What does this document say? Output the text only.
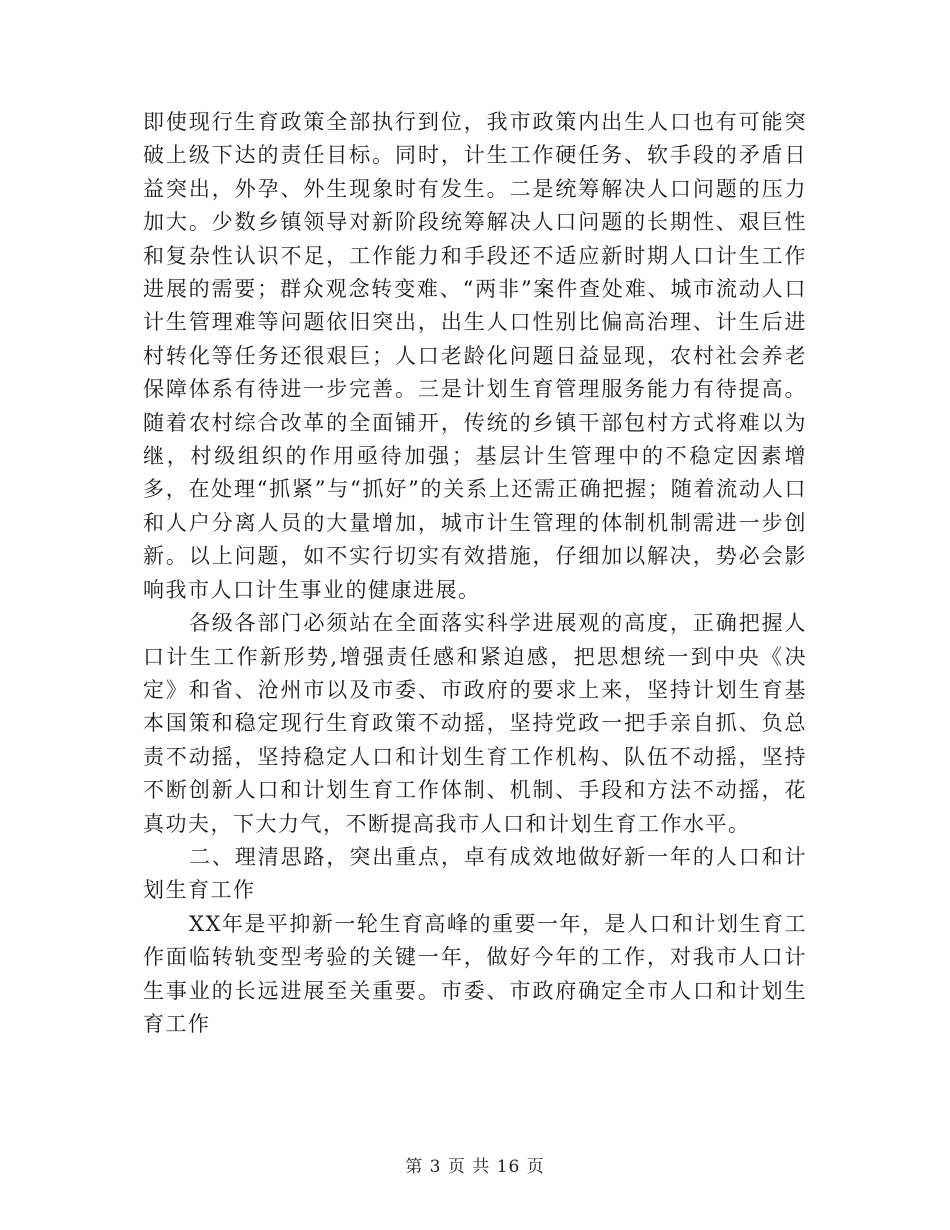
即使现行生育政策全部执行到位，我市政策内出生人口也有可能突破上级下达的责任目标。同时，计生工作硬任务、软手段的矛盾日益突出，外孕、外生现象时有发生。二是统筹解决人口问题的压力加大。少数乡镇领导对新阶段统筹解决人口问题的长期性、艰巨性和复杂性认识不足，工作能力和手段还不适应新时期人口计生工作进展的需要；群众观念转变难、“两非”案件查处难、城市流动人口计生管理难等问题依旧突出，出生人口性别比偏高治理、计生后进村转化等任务还很艰巨；人口老龄化问题日益显现，农村社会养老保障体系有待进一步完善。三是计划生育管理服务能力有待提高。随着农村综合改革的全面铺开，传统的乡镇干部包村方式将难以为继，村级组织的作用亟待加强；基层计生管理中的不稳定因素增多，在处理“抓紧”与“抓好”的关系上还需正确把握；随着流动人口和人户分离人员的大量增加，城市计生管理的体制机制需进一步创新。以上问题，如不实行切实有效措施，仔细加以解决，势必会影响我市人口计生事业的健康进展。

各级各部门必须站在全面落实科学进展观的高度，正确把握人口计生工作新形势,增强责任感和紧迫感，把思想统一到中央《决定》和省、沧州市以及市委、市政府的要求上来，坚持计划生育基本国策和稳定现行生育政策不动摇，坚持党政一把手亲自抓、负总责不动摇，坚持稳定人口和计划生育工作机构、队伍不动摇，坚持不断创新人口和计划生育工作体制、机制、手段和方法不动摇，花真功夫，下大力气，不断提高我市人口和计划生育工作水平。

二、理清思路，突出重点，卓有成效地做好新一年的人口和计划生育工作

XX年是平抑新一轮生育高峰的重要一年，是人口和计划生育工作面临转轨变型考验的关键一年，做好今年的工作，对我市人口计生事业的长远进展至关重要。市委、市政府确定全市人口和计划生育工作

第 3 页 共 16 页
